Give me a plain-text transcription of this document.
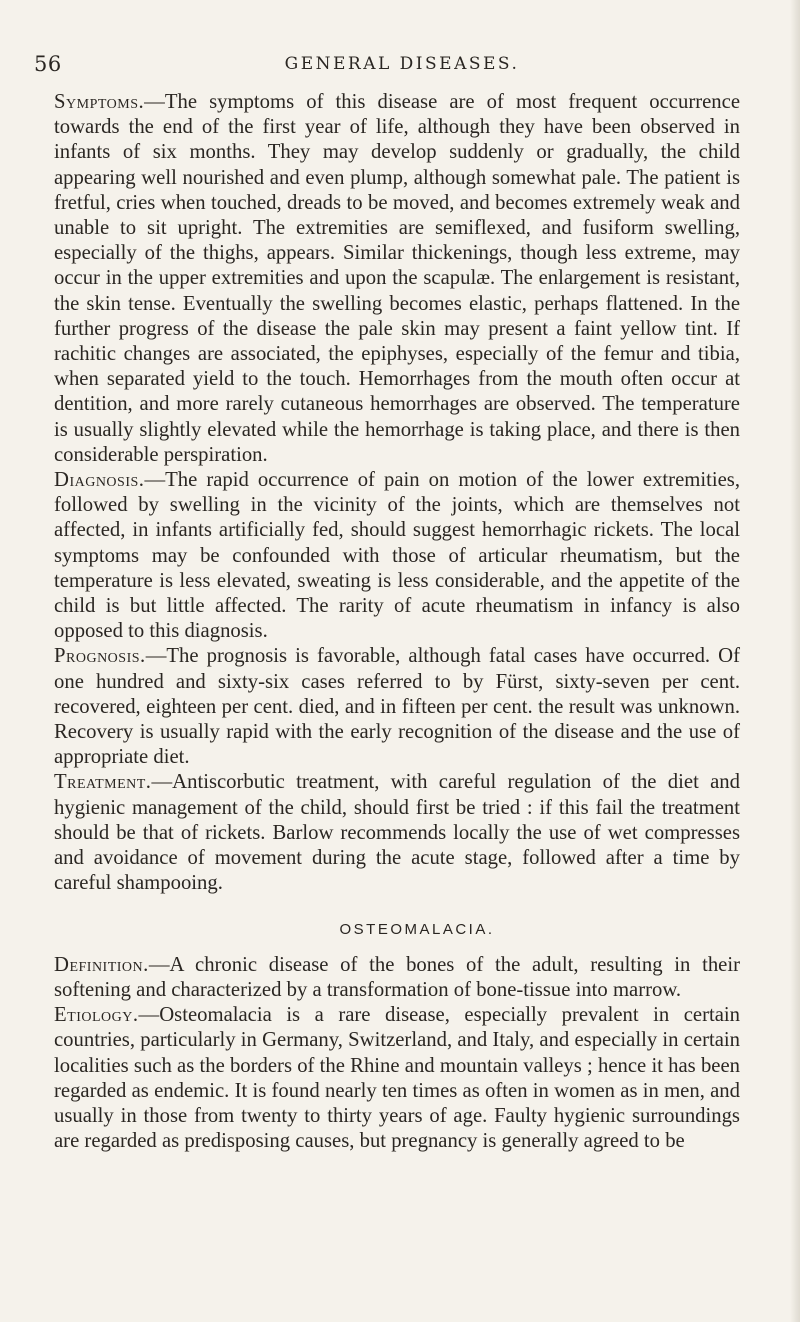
56	GENERAL DISEASES.

Symptoms.—The symptoms of this disease are of most frequent occurrence towards the end of the first year of life, although they have been observed in infants of six months. They may develop suddenly or gradually, the child appearing well nourished and even plump, although somewhat pale. The patient is fretful, cries when touched, dreads to be moved, and becomes extremely weak and unable to sit upright. The extremities are semiflexed, and fusiform swelling, especially of the thighs, appears. Similar thickenings, though less extreme, may occur in the upper extremities and upon the scapulæ. The enlargement is resistant, the skin tense. Eventually the swelling becomes elastic, perhaps flattened. In the further progress of the disease the pale skin may present a faint yellow tint. If rachitic changes are associated, the epiphyses, especially of the femur and tibia, when separated yield to the touch. Hemorrhages from the mouth often occur at dentition, and more rarely cutaneous hemorrhages are observed. The temperature is usually slightly elevated while the hemorrhage is taking place, and there is then considerable perspiration.

Diagnosis.—The rapid occurrence of pain on motion of the lower extremities, followed by swelling in the vicinity of the joints, which are themselves not affected, in infants artificially fed, should suggest hemorrhagic rickets. The local symptoms may be confounded with those of articular rheumatism, but the temperature is less elevated, sweating is less considerable, and the appetite of the child is but little affected. The rarity of acute rheumatism in infancy is also opposed to this diagnosis.

Prognosis.—The prognosis is favorable, although fatal cases have occurred. Of one hundred and sixty-six cases referred to by Fürst, sixty-seven per cent. recovered, eighteen per cent. died, and in fifteen per cent. the result was unknown. Recovery is usually rapid with the early recognition of the disease and the use of appropriate diet.

Treatment.—Antiscorbutic treatment, with careful regulation of the diet and hygienic management of the child, should first be tried : if this fail the treatment should be that of rickets. Barlow recommends locally the use of wet compresses and avoidance of movement during the acute stage, followed after a time by careful shampooing.

OSTEOMALACIA.

Definition.—A chronic disease of the bones of the adult, resulting in their softening and characterized by a transformation of bone-tissue into marrow.

Etiology.—Osteomalacia is a rare disease, especially prevalent in certain countries, particularly in Germany, Switzerland, and Italy, and especially in certain localities such as the borders of the Rhine and mountain valleys ; hence it has been regarded as endemic. It is found nearly ten times as often in women as in men, and usually in those from twenty to thirty years of age. Faulty hygienic surroundings are regarded as predisposing causes, but pregnancy is generally agreed to be
